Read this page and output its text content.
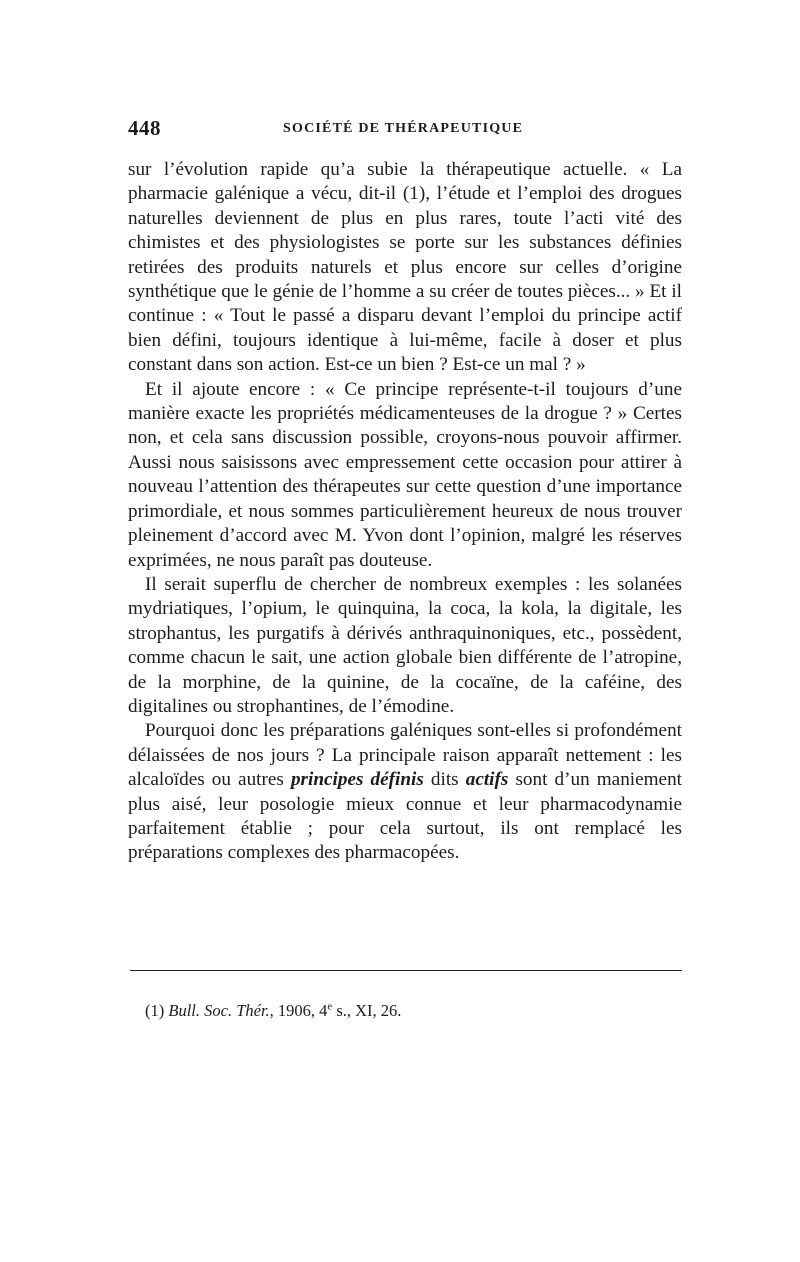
448	SOCIÉTÉ DE THÉRAPEUTIQUE

sur l’évolution rapide qu’a subie la thérapeutique actuelle. « La pharmacie galénique a vécu, dit-il (1), l’étude et l’emploi des drogues naturelles deviennent de plus en plus rares, toute l’acti vité des chimistes et des physiologistes se porte sur les substances définies retirées des produits naturels et plus encore sur celles d’origine synthétique que le génie de l’homme a su créer de toutes pièces... » Et il continue : « Tout le passé a disparu devant l’emploi du principe actif bien défini, toujours identique à lui-même, facile à doser et plus constant dans son action. Est-ce un bien ? Est-ce un mal ? »

Et il ajoute encore : « Ce principe représente-t-il toujours d’une manière exacte les propriétés médicamenteuses de la drogue ? » Certes non, et cela sans discussion possible, croyons-nous pouvoir affirmer. Aussi nous saisissons avec empressement cette occasion pour attirer à nouveau l’attention des thérapeutes sur cette question d’une importance primordiale, et nous sommes particulièrement heureux de nous trouver pleinement d’accord avec M. Yvon dont l’opinion, malgré les réserves exprimées, ne nous paraît pas douteuse.

Il serait superflu de chercher de nombreux exemples : les solanées mydriatiques, l’opium, le quinquina, la coca, la kola, la digitale, les strophantus, les purgatifs à dérivés anthraquinoniques, etc., possèdent, comme chacun le sait, une action globale bien différente de l’atropine, de la morphine, de la quinine, de la cocaïne, de la caféine, des digitalines ou strophantines, de l’émodine.

Pourquoi donc les préparations galéniques sont-elles si profondément délaissées de nos jours ? La principale raison apparaît nettement : les alcaloïdes ou autres principes définis dits actifs sont d’un maniement plus aisé, leur posologie mieux connue et leur pharmacodynamie parfaitement établie ; pour cela surtout, ils ont remplacé les préparations complexes des pharmacopées.

(1) Bull. Soc. Thér., 1906, 4e s., XI, 26.
